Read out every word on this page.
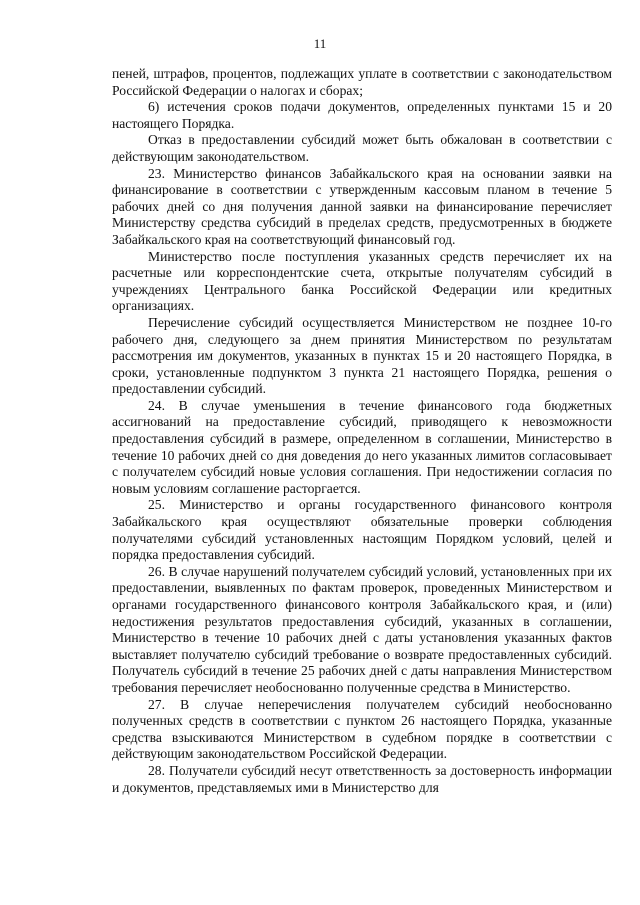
11

пеней, штрафов, процентов, подлежащих уплате в соответствии с законодательством Российской Федерации о налогах и сборах;

6) истечения сроков подачи документов, определенных пунктами 15 и 20 настоящего Порядка.

Отказ в предоставлении субсидий может быть обжалован в соответствии с действующим законодательством.

23. Министерство финансов Забайкальского края на основании заявки на финансирование в соответствии с утвержденным кассовым планом в течение 5 рабочих дней со дня получения данной заявки на финансирование перечисляет Министерству средства субсидий в пределах средств, предусмотренных в бюджете Забайкальского края на соответствующий финансовый год.

Министерство после поступления указанных средств перечисляет их на расчетные или корреспондентские счета, открытые получателям субсидий в учреждениях Центрального банка Российской Федерации или кредитных организациях.

Перечисление субсидий осуществляется Министерством не позднее 10-го рабочего дня, следующего за днем принятия Министерством по результатам рассмотрения им документов, указанных в пунктах 15 и 20 настоящего Порядка, в сроки, установленные подпунктом 3 пункта 21 настоящего Порядка, решения о предоставлении субсидий.

24. В случае уменьшения в течение финансового года бюджетных ассигнований на предоставление субсидий, приводящего к невозможности предоставления субсидий в размере, определенном в соглашении, Министерство в течение 10 рабочих дней со дня доведения до него указанных лимитов согласовывает с получателем субсидий новые условия соглашения. При недостижении согласия по новым условиям соглашение расторгается.

25. Министерство и органы государственного финансового контроля Забайкальского края осуществляют обязательные проверки соблюдения получателями субсидий установленных настоящим Порядком условий, целей и порядка предоставления субсидий.

26. В случае нарушений получателем субсидий условий, установленных при их предоставлении, выявленных по фактам проверок, проведенных Министерством и органами государственного финансового контроля Забайкальского края, и (или) недостижения результатов предоставления субсидий, указанных в соглашении, Министерство в течение 10 рабочих дней с даты установления указанных фактов выставляет получателю субсидий требование о возврате предоставленных субсидий. Получатель субсидий в течение 25 рабочих дней с даты направления Министерством требования перечисляет необоснованно полученные средства в Министерство.

27. В случае неперечисления получателем субсидий необоснованно полученных средств в соответствии с пунктом 26 настоящего Порядка, указанные средства взыскиваются Министерством в судебном порядке в соответствии с действующим законодательством Российской Федерации.

28. Получатели субсидий несут ответственность за достоверность информации и документов, представляемых ими в Министерство для
